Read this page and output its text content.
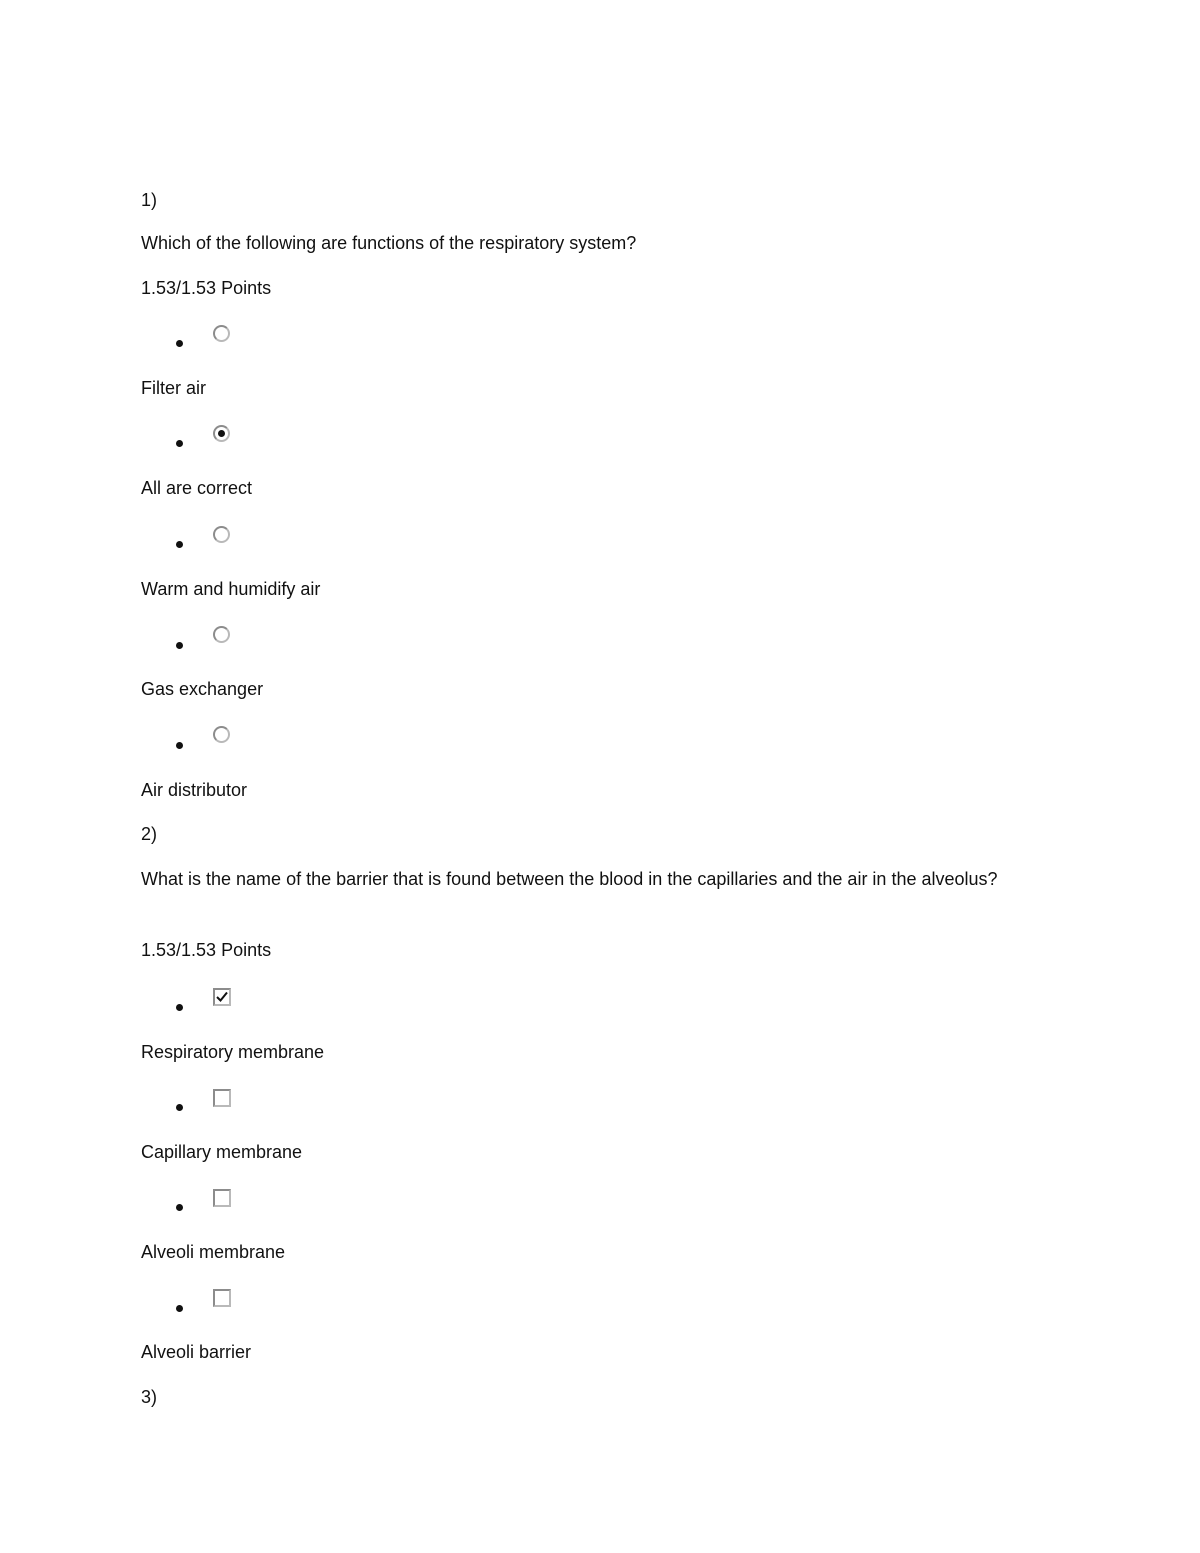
1)
Which of the following are functions of the respiratory system?
1.53/1.53 Points
Filter air
All are correct
Warm and humidify air
Gas exchanger
Air distributor
2)
What is the name of the barrier that is found between the blood in the capillaries and the air in the alveolus?
1.53/1.53 Points
Respiratory membrane
Capillary membrane
Alveoli membrane
Alveoli barrier
3)
